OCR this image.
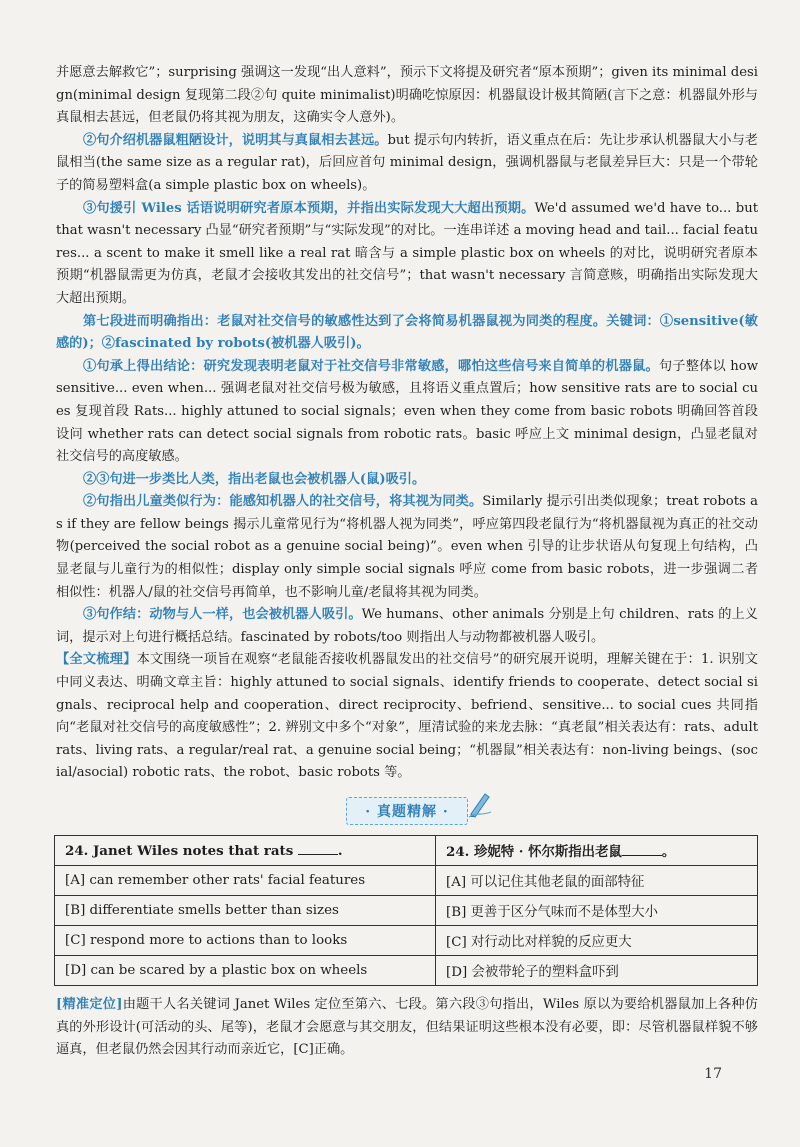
并愿意去解救它”；surprising 强调这一发现“出人意料”，预示下文将提及研究者“原本预期”；given its minimal design(minimal design 复现第二段②句 quite minimalist)明确吃惊原因：机器鼠设计极其简陋(言下之意：机器鼠外形与真鼠相去甚远，但老鼠仍将其视为朋友，这确实令人意外)。

②句介绍机器鼠粗陋设计，说明其与真鼠相去甚远。but 提示句内转折，语义重点在后：先让步承认机器鼠大小与老鼠相当(the same size as a regular rat)，后回应首句 minimal design，强调机器鼠与老鼠差异巨大：只是一个带轮子的简易塑料盒(a simple plastic box on wheels)。

③句援引 Wiles 话语说明研究者原本预期，并指出实际发现大大超出预期。We'd assumed we'd have to... but that wasn't necessary 凸显“研究者预期”与“实际发现”的对比。一连串详述 a moving head and tail... facial features... a scent to make it smell like a real rat 暗含与 a simple plastic box on wheels 的对比，说明研究者原本预期“机器鼠需更为仿真，老鼠才会接收其发出的社交信号”；that wasn't necessary 言简意赅，明确指出实际发现大大超出预期。

第七段进而明确指出：老鼠对社交信号的敏感性达到了会将简易机器鼠视为同类的程度。关键词：①sensitive(敏感的)；②fascinated by robots(被机器人吸引)。

①句承上得出结论：研究发现表明老鼠对于社交信号非常敏感，哪怕这些信号来自简单的机器鼠。句子整体以 how sensitive... even when... 强调老鼠对社交信号极为敏感，且将语义重点置后；how sensitive rats are to social cues 复现首段 Rats... highly attuned to social signals；even when they come from basic robots 明确回答首段设问 whether rats can detect social signals from robotic rats。basic 呼应上文 minimal design，凸显老鼠对社交信号的高度敏感。

②③句进一步类比人类，指出老鼠也会被机器人(鼠)吸引。

②句指出儿童类似行为：能感知机器人的社交信号，将其视为同类。Similarly 提示引出类似现象；treat robots as if they are fellow beings 揭示儿童常见行为“将机器人视为同类”，呼应第四段老鼠行为“将机器鼠视为真正的社交动物(perceived the social robot as a genuine social being)”。even when 引导的让步状语从句复现上句结构，凸显老鼠与儿童行为的相似性；display only simple social signals 呼应 come from basic robots，进一步强调二者相似性：机器人/鼠的社交信号再简单，也不影响儿童/老鼠将其视为同类。

③句作结：动物与人一样，也会被机器人吸引。We humans、other animals 分别是上句 children、rats 的上义词，提示对上句进行概括总结。fascinated by robots/too 则指出人与动物都被机器人吸引。

【全文梳理】本文围绕一项旨在观察“老鼠能否接收机器鼠发出的社交信号”的研究展开说明，理解关键在于：1. 识别文中同义表达、明确文章主旨：highly attuned to social signals、identify friends to cooperate、detect social signals、reciprocal help and cooperation、direct reciprocity、befriend、sensitive... to social cues 共同指向“老鼠对社交信号的高度敏感性”；2. 辨别文中多个“对象”，厘清试验的来龙去脉：“真老鼠”相关表达有：rats、adult rats、living rats、a regular/real rat、a genuine social being；“机器鼠”相关表达有：non-living beings、(social/asocial) robotic rats、the robot、basic robots 等。

· 真题精解 ·
24. Janet Wiles notes that rats .	24. 珍妮特 · 怀尔斯指出老鼠 。
[A] can remember other rats' facial features	[A] 可以记住其他老鼠的面部特征
[B] differentiate smells better than sizes	[B] 更善于区分气味而不是体型大小
[C] respond more to actions than to looks	[C] 对行动比对样貌的反应更大
[D] can be scared by a plastic box on wheels	[D] 会被带轮子的塑料盒吓到

[精准定位]由题干人名关键词 Janet Wiles 定位至第六、七段。第六段③句指出，Wiles 原以为要给机器鼠加上各种仿真的外形设计(可活动的头、尾等)，老鼠才会愿意与其交朋友，但结果证明这些根本没有必要，即：尽管机器鼠样貌不够逼真，但老鼠仍然会因其行动而亲近它，[C]正确。

17
